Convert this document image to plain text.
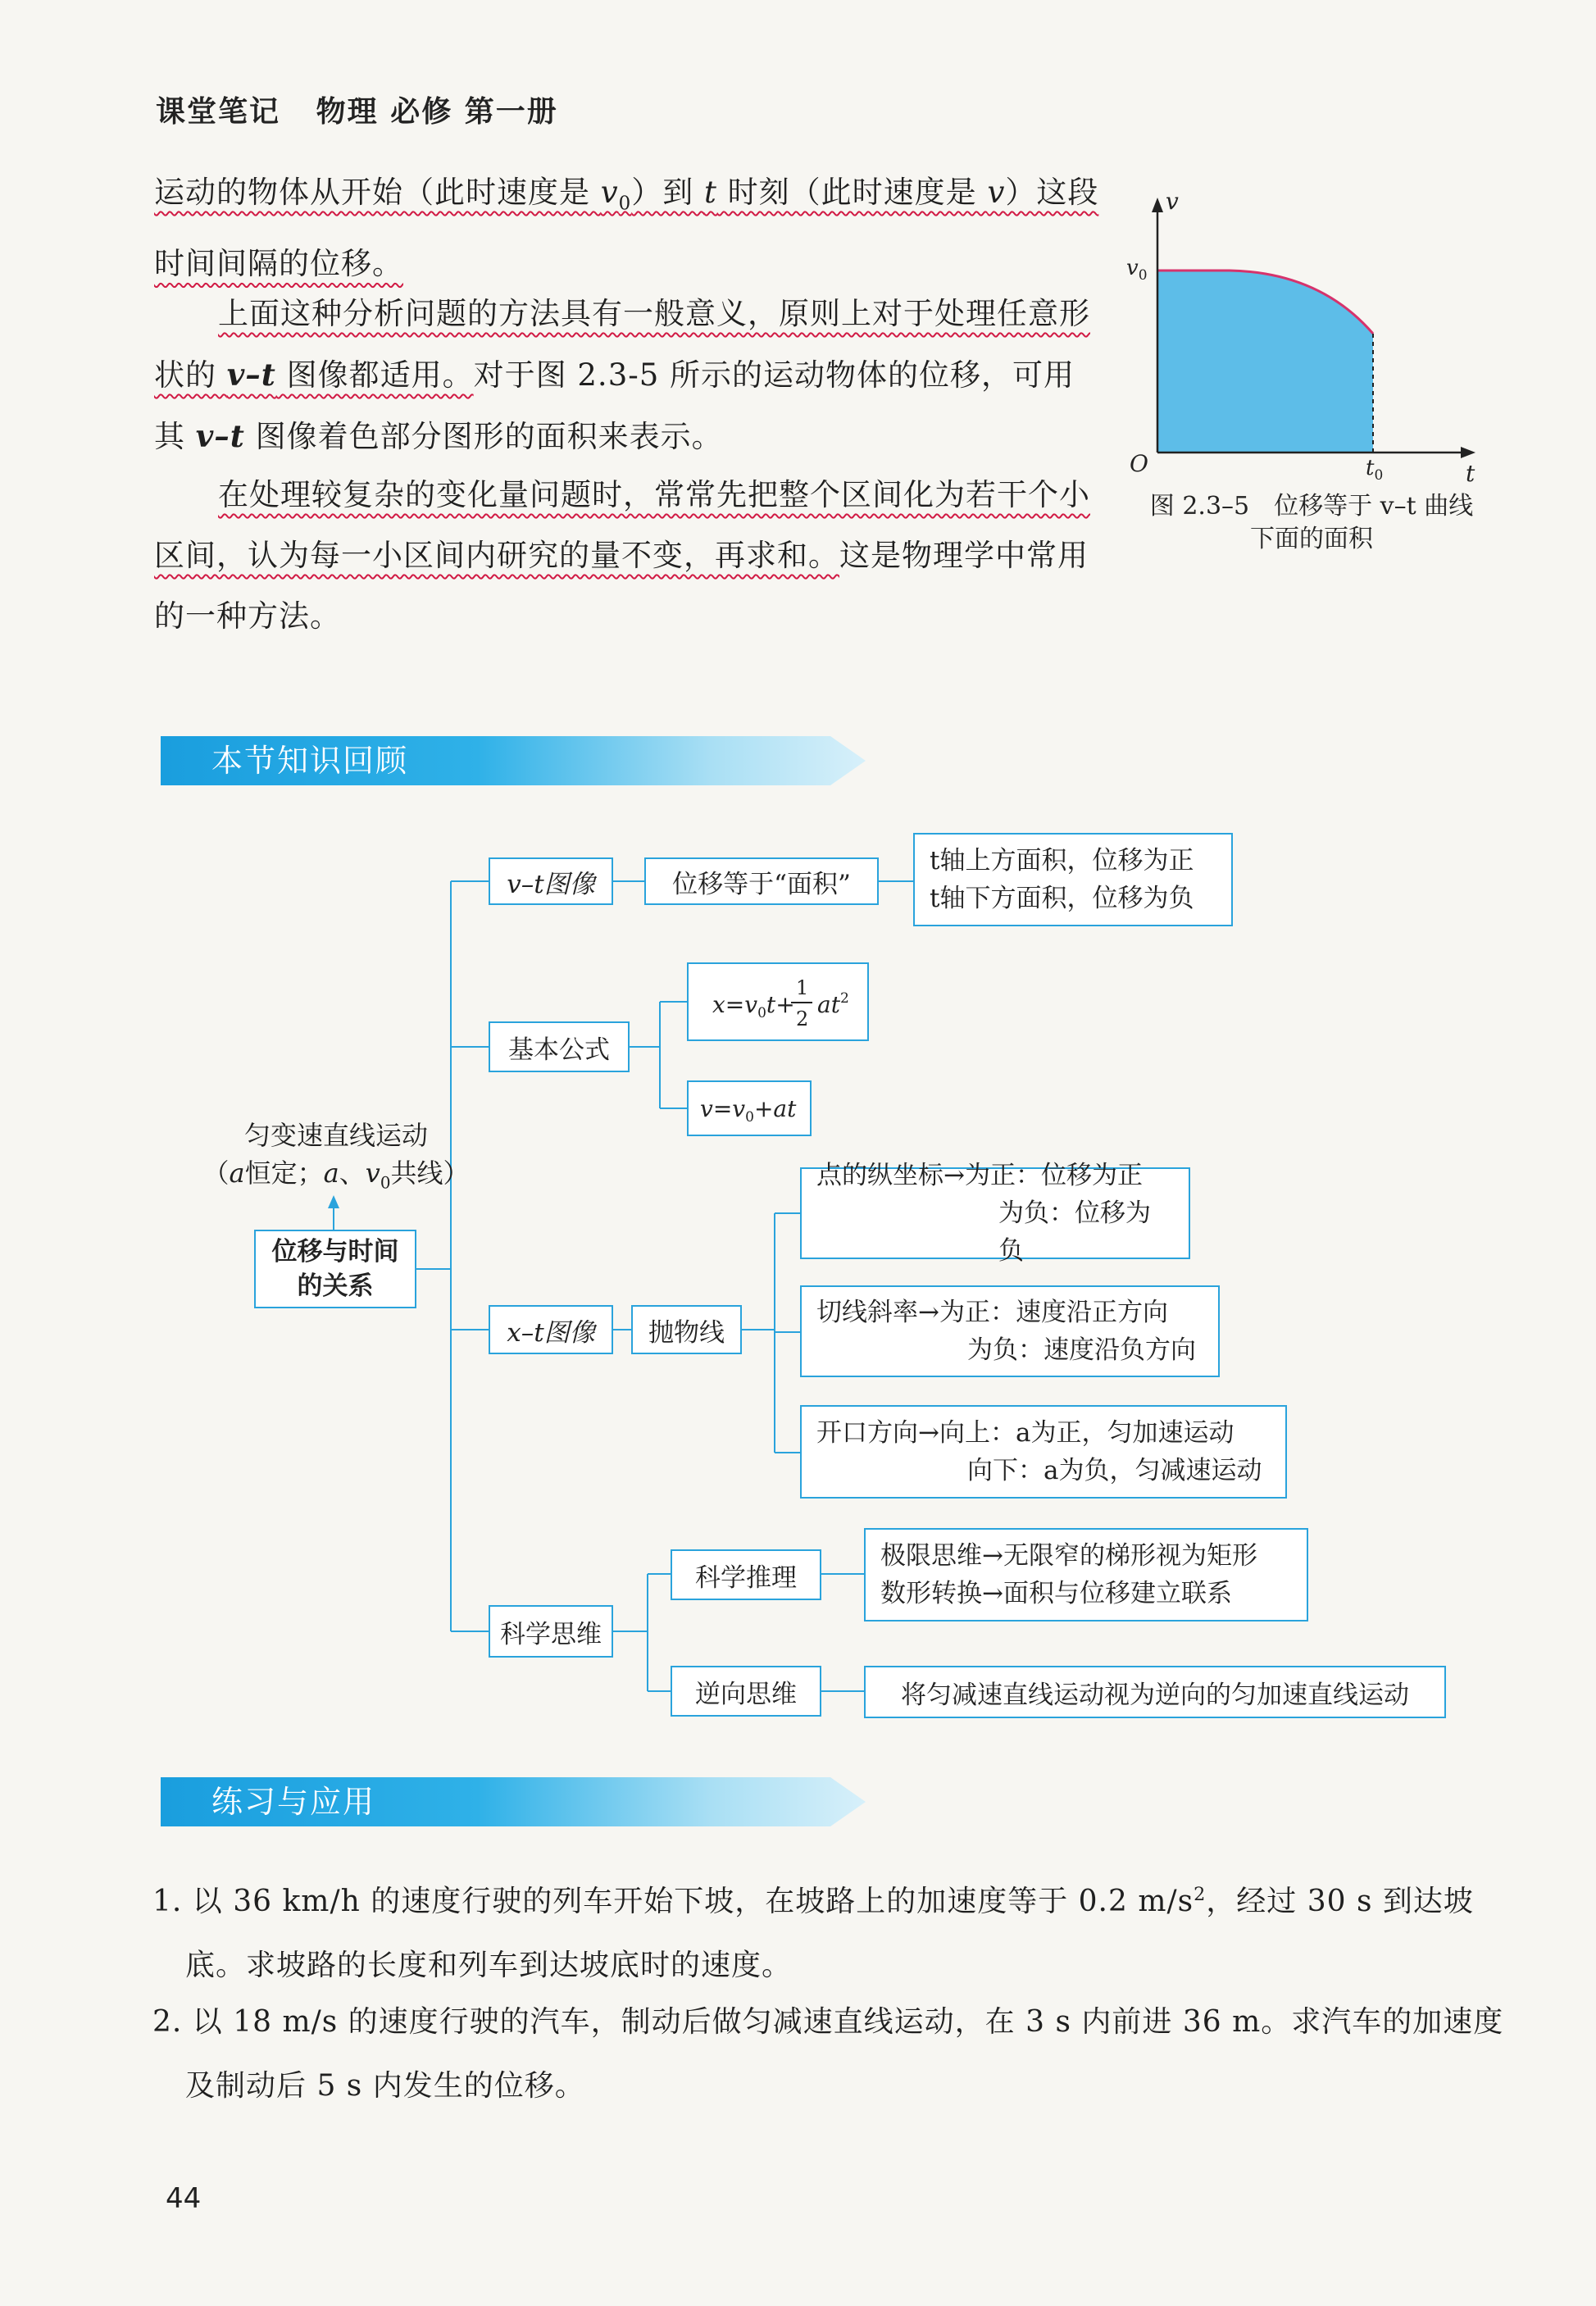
课堂笔记 物理 必修 第一册
运动的物体从开始（此时速度是 $v_0$）到 t 时刻（此时速度是 v）这段时间间隔的位移。
上面这种分析问题的方法具有一般意义，原则上对于处理任意形状的 v–t 图像都适用。对于图 2.3-5 所示的运动物体的位移，可用其 v–t 图像着色部分图形的面积来表示。
在处理较复杂的变化量问题时，常常先把整个区间化为若干个小区间，认为每一小区间内研究的量不变，再求和。这是物理学中常用的一种方法。
v
t
O
$v_0$
$t_0$
图 2.3–5　位移等于 v–t 曲线
下面的面积
本节知识回顾
匀变速直线运动
（a恒定；a、$v_0$共线）
位移与时间
的关系
v–t图像	位移等于“面积”
t轴上方面积，位移为正
t轴下方面积，位移为负
基本公式
$x=v_0t+$
1
2
$at^2$
$v=v_0+at$
x–t图像	抛物线
点的纵坐标→为正：位移为正
为负：位移为负
切线斜率→为正：速度沿正方向
为负：速度沿负方向
开口方向→向上：a为正，匀加速运动
向下：a为负，匀减速运动
科学思维
科学推理
极限思维→无限窄的梯形视为矩形
数形转换→面积与位移建立联系
逆向思维	将匀减速直线运动视为逆向的匀加速直线运动
练习与应用
1. 以 36 km/h 的速度行驶的列车开始下坡，在坡路上的加速度等于 0.2 $m/s^2$，经过 30 s 到达坡底。求坡路的长度和列车到达坡底时的速度。
2. 以 18 m/s 的速度行驶的汽车，制动后做匀减速直线运动，在 3 s 内前进 36 m。求汽车的加速度及制动后 5 s 内发生的位移。
44
